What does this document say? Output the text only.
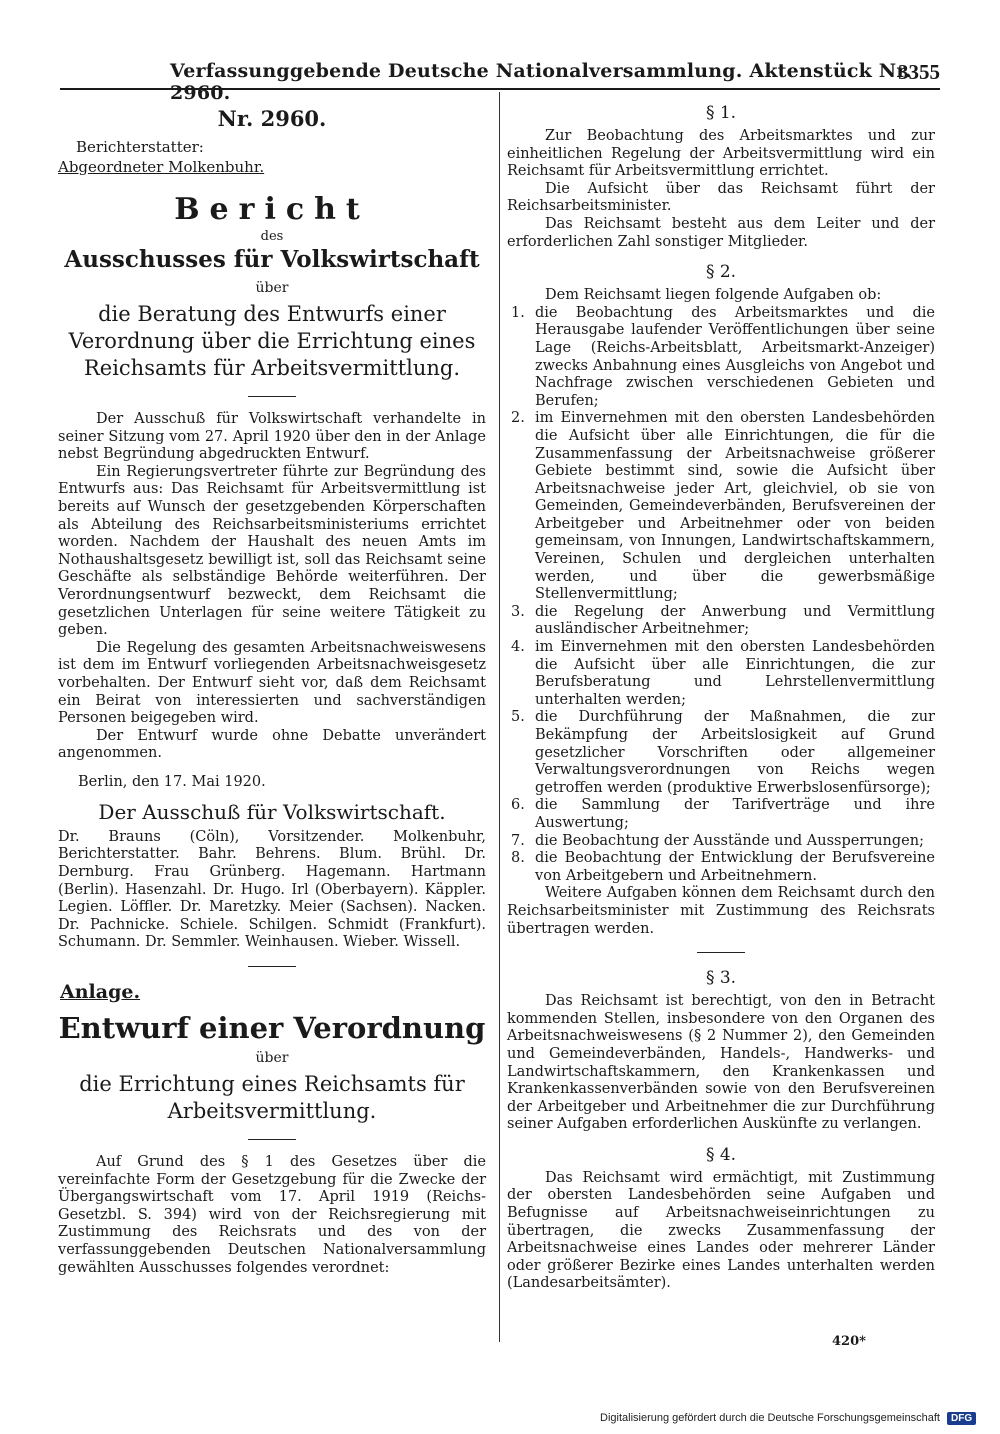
Verfassunggebende Deutsche Nationalversammlung. Aktenstück Nr. 2960.
3355
Nr. 2960.
Berichterstatter:
Abgeordneter Molkenbuhr.
Bericht
des
Ausschusses für Volkswirtschaft
über
die Beratung des Entwurfs einer Verordnung über die Errichtung eines Reichsamts für Arbeitsvermittlung.

Der Ausschuß für Volkswirtschaft verhandelte in seiner Sitzung vom 27. April 1920 über den in der Anlage nebst Begründung abgedruckten Entwurf.

Ein Regierungsvertreter führte zur Begründung des Entwurfs aus: Das Reichsamt für Arbeitsvermittlung ist bereits auf Wunsch der gesetzgebenden Körperschaften als Abteilung des Reichsarbeitsministeriums errichtet worden. Nachdem der Haushalt des neuen Amts im Nothaushaltsgesetz bewilligt ist, soll das Reichsamt seine Geschäfte als selbständige Behörde weiterführen. Der Verordnungsentwurf bezweckt, dem Reichsamt die gesetzlichen Unterlagen für seine weitere Tätigkeit zu geben.

Die Regelung des gesamten Arbeitsnachweiswesens ist dem im Entwurf vorliegenden Arbeitsnachweisgesetz vorbehalten. Der Entwurf sieht vor, daß dem Reichsamt ein Beirat von interessierten und sachverständigen Personen beigegeben wird.

Der Entwurf wurde ohne Debatte unverändert angenommen.

Berlin, den 17. Mai 1920.
Der Ausschuß für Volkswirtschaft.
Dr. Brauns (Cöln), Vorsitzender. Molkenbuhr, Berichterstatter. Bahr. Behrens. Blum. Brühl. Dr. Dernburg. Frau Grünberg. Hagemann. Hartmann (Berlin). Hasenzahl. Dr. Hugo. Irl (Oberbayern). Käppler. Legien. Löffler. Dr. Maretzky. Meier (Sachsen). Nacken. Dr. Pachnicke. Schiele. Schilgen. Schmidt (Frankfurt). Schumann. Dr. Semmler. Weinhausen. Wieber. Wissell.
Anlage.
Entwurf einer Verordnung
über
die Errichtung eines Reichsamts für Arbeitsvermittlung.

Auf Grund des § 1 des Gesetzes über die vereinfachte Form der Gesetzgebung für die Zwecke der Übergangswirtschaft vom 17. April 1919 (Reichs-Gesetzbl. S. 394) wird von der Reichsregierung mit Zustimmung des Reichsrats und des von der verfassunggebenden Deutschen Nationalversammlung gewählten Ausschusses folgendes verordnet:

§ 1.

Zur Beobachtung des Arbeitsmarktes und zur einheitlichen Regelung der Arbeitsvermittlung wird ein Reichsamt für Arbeitsvermittlung errichtet.

Die Aufsicht über das Reichsamt führt der Reichsarbeitsminister.

Das Reichsamt besteht aus dem Leiter und der erforderlichen Zahl sonstiger Mitglieder.

§ 2.

Dem Reichsamt liegen folgende Aufgaben ob:

1. die Beobachtung des Arbeitsmarktes und die Herausgabe laufender Veröffentlichungen über seine Lage (Reichs-Arbeitsblatt, Arbeitsmarkt-Anzeiger) zwecks Anbahnung eines Ausgleichs von Angebot und Nachfrage zwischen verschiedenen Gebieten und Berufen;
2. im Einvernehmen mit den obersten Landesbehörden die Aufsicht über alle Einrichtungen, die für die Zusammenfassung der Arbeitsnachweise größerer Gebiete bestimmt sind, sowie die Aufsicht über Arbeitsnachweise jeder Art, gleichviel, ob sie von Gemeinden, Gemeindeverbänden, Berufsvereinen der Arbeitgeber und Arbeitnehmer oder von beiden gemeinsam, von Innungen, Landwirtschaftskammern, Vereinen, Schulen und dergleichen unterhalten werden, und über die gewerbsmäßige Stellenvermittlung;
3. die Regelung der Anwerbung und Vermittlung ausländischer Arbeitnehmer;
4. im Einvernehmen mit den obersten Landesbehörden die Aufsicht über alle Einrichtungen, die zur Berufsberatung und Lehrstellenvermittlung unterhalten werden;
5. die Durchführung der Maßnahmen, die zur Bekämpfung der Arbeitslosigkeit auf Grund gesetzlicher Vorschriften oder allgemeiner Verwaltungsverordnungen von Reichs wegen getroffen werden (produktive Erwerbslosenfürsorge);
6. die Sammlung der Tarifverträge und ihre Auswertung;
7. die Beobachtung der Ausstände und Aussperrungen;
8. die Beobachtung der Entwicklung der Berufsvereine von Arbeitgebern und Arbeitnehmern.

Weitere Aufgaben können dem Reichsamt durch den Reichsarbeitsminister mit Zustimmung des Reichsrats übertragen werden.

§ 3.

Das Reichsamt ist berechtigt, von den in Betracht kommenden Stellen, insbesondere von den Organen des Arbeitsnachweiswesens (§ 2 Nummer 2), den Gemeinden und Gemeindeverbänden, Handels-, Handwerks- und Landwirtschaftskammern, den Krankenkassen und Krankenkassenverbänden sowie von den Berufsvereinen der Arbeitgeber und Arbeitnehmer die zur Durchführung seiner Aufgaben erforderlichen Auskünfte zu verlangen.

§ 4.

Das Reichsamt wird ermächtigt, mit Zustimmung der obersten Landesbehörden seine Aufgaben und Befugnisse auf Arbeitsnachweiseinrichtungen zu übertragen, die zwecks Zusammenfassung der Arbeitsnachweise eines Landes oder mehrerer Länder oder größerer Bezirke eines Landes unterhalten werden (Landesarbeitsämter).

420*
Digitalisierung gefördert durch die Deutsche Forschungsgemeinschaft DFG
